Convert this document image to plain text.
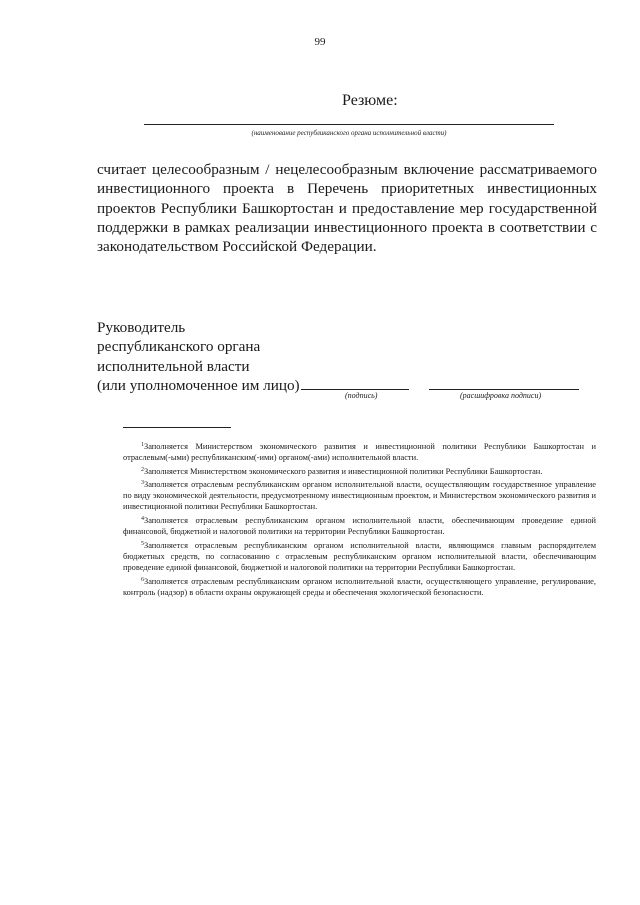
99
Резюме:
(наименование республиканского органа исполнительной власти)
считает целесообразным / нецелесообразным включение рассматриваемого инвестиционного проекта в Перечень приоритетных инвестиционных проектов Республики Башкортостан и предоставление мер государственной поддержки в рамках реализации инвестиционного проекта в соответствии с законодательством Российской Федерации.
Руководитель
республиканского органа
исполнительной власти
(или уполномоченное им лицо)
(подпись)	(расшифровка подписи)

$^1$Заполняется Министерством экономического развития и инвестиционной политики Республики Башкортостан и отраслевым(-ыми) республиканским(-ими) органом(-ами) исполнительной власти.

$^2$Заполняется Министерством экономического развития и инвестиционной политики Республики Башкортостан.

$^3$Заполняется отраслевым республиканским органом исполнительной власти, осуществляющим государственное управление по виду экономической деятельности, предусмотренному инвестиционным проектом, и Министерством экономического развития и инвестиционной политики Республики Башкортостан.

$^4$Заполняется отраслевым республиканским органом исполнительной власти, обеспечивающим проведение единой финансовой, бюджетной и налоговой политики на территории Республики Башкортостан.

$^5$Заполняется отраслевым республиканским органом исполнительной власти, являющимся главным распорядителем бюджетных средств, по согласованию с отраслевым республиканским органом исполнительной власти, обеспечивающим проведение единой финансовой, бюджетной и налоговой политики на территории Республики Башкортостан.

$^6$Заполняется отраслевым республиканским органом исполнительной власти, осуществляющего управление, регулирование, контроль (надзор) в области охраны окружающей среды и обеспечения экологической безопасности.
